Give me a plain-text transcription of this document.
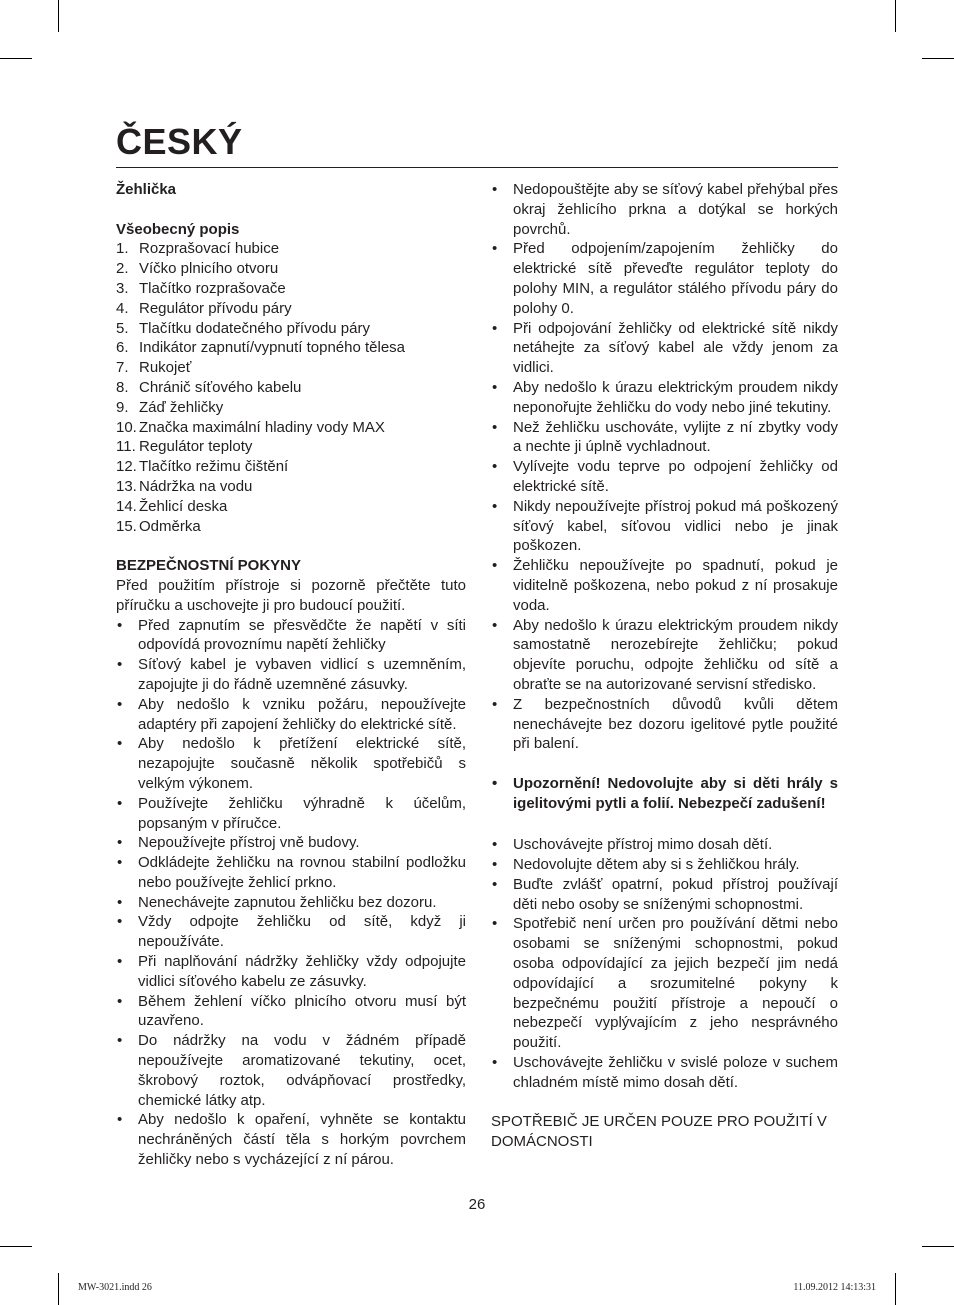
ČESKÝ
Žehlička
Všeobecný popis
1. Rozprašovací hubice
2. Víčko plnicího otvoru
3. Tlačítko rozprašovače
4. Regulátor přívodu páry
5. Tlačítku dodatečného přívodu páry
6. Indikátor zapnutí/vypnutí topného tělesa
7. Rukojeť
8. Chránič síťového kabelu
9. Záď žehličky
10. Značka maximální hladiny vody MAX
11. Regulátor teploty
12. Tlačítko režimu čištění
13. Nádržka na vodu
14. Žehlicí deska
15. Odměrka
BEZPEČNOSTNÍ POKYNY
Před použitím přístroje si pozorně přečtěte tuto příručku a uschovejte ji pro budoucí použití.
•	Před zapnutím se přesvědčte že napětí v síti odpovídá provoznímu napětí žehličky
•	Síťový kabel je vybaven vidlicí s uzemněním, zapojujte ji do řádně uzemněné zásuvky.
•	Aby nedošlo k vzniku požáru, nepoužívejte adaptéry při zapojení žehličky do elektrické sítě.
•	Aby nedošlo k přetížení elektrické sítě, nezapojujte současně několik spotřebičů s velkým výkonem.
•	Používejte žehličku výhradně k účelům, popsaným v příručce.
•	Nepoužívejte přístroj vně budovy.
•	Odkládejte žehličku na rovnou stabilní podložku nebo používejte žehlicí prkno.
•	Nenechávejte zapnutou žehličku bez dozoru.
•	Vždy odpojte žehličku od sítě, když ji nepoužíváte.
•	Při naplňování nádržky žehličky vždy odpojujte vidlici síťového kabelu ze zásuvky.
•	Během žehlení víčko plnicího otvoru musí být uzavřeno.
•	Do nádržky na vodu v žádném případě nepoužívejte aromatizované tekutiny, ocet, škrobový roztok, odvápňovací prostředky, chemické látky atp.
•	Aby nedošlo k opaření, vyhněte se kontaktu nechráněných částí těla s horkým povrchem žehličky nebo s vycházející z ní párou.
•	Nedopouštějte aby se síťový kabel přehýbal přes okraj žehlicího prkna a dotýkal se horkých povrchů.
•	Před odpojením/zapojením žehličky do elektrické sítě převeďte regulátor teploty do polohy MIN, a regulátor stálého přívodu páry do polohy 0.
•	Při odpojování žehličky od elektrické sítě nikdy netáhejte za síťový kabel ale vždy jenom za vidlici.
•	Aby nedošlo k úrazu elektrickým proudem nikdy neponořujte žehličku do vody nebo jiné tekutiny.
•	Než žehličku uschováte, vylijte z ní zbytky vody a nechte ji úplně vychladnout.
•	Vylívejte vodu teprve po odpojení žehličky od elektrické sítě.
•	Nikdy nepoužívejte přístroj pokud má poškozený síťový kabel, síťovou vidlici nebo je jinak poškozen.
•	Žehličku nepoužívejte po spadnutí, pokud je viditelně poškozena, nebo pokud z ní prosakuje voda.
•	Aby nedošlo k úrazu elektrickým proudem nikdy samostatně nerozebírejte žehličku; pokud objevíte poruchu, odpojte žehličku od sítě a obraťte se na autorizované servisní středisko.
•	Z bezpečnostních důvodů kvůli dětem nenechávejte bez dozoru igelitové pytle použité při balení.
•	Upozornění! Nedovolujte aby si děti hrály s igelitovými pytli a folií. Nebezpečí zadušení!
•	Uschovávejte přístroj mimo dosah dětí.
•	Nedovolujte dětem aby si s žehličkou hrály.
•	Buďte zvlášť opatrní, pokud přístroj používají děti nebo osoby se sníženými schopnostmi.
•	Spotřebič není určen pro používání dětmi nebo osobami se sníženými schopnostmi, pokud osoba odpovídající za jejich bezpečí jim nedá odpovídající a srozumitelné pokyny k bezpečnému použití přístroje a nepoučí o nebezpečí vyplývajícím z jeho nesprávného použití.
•	Uschovávejte žehličku v svislé poloze v suchem chladném místě mimo dosah dětí.
SPOTŘEBIČ JE URČEN POUZE PRO POUŽITÍ V DOMÁCNOSTI
26
MW-3021.indd 26	11.09.2012 14:13:31
